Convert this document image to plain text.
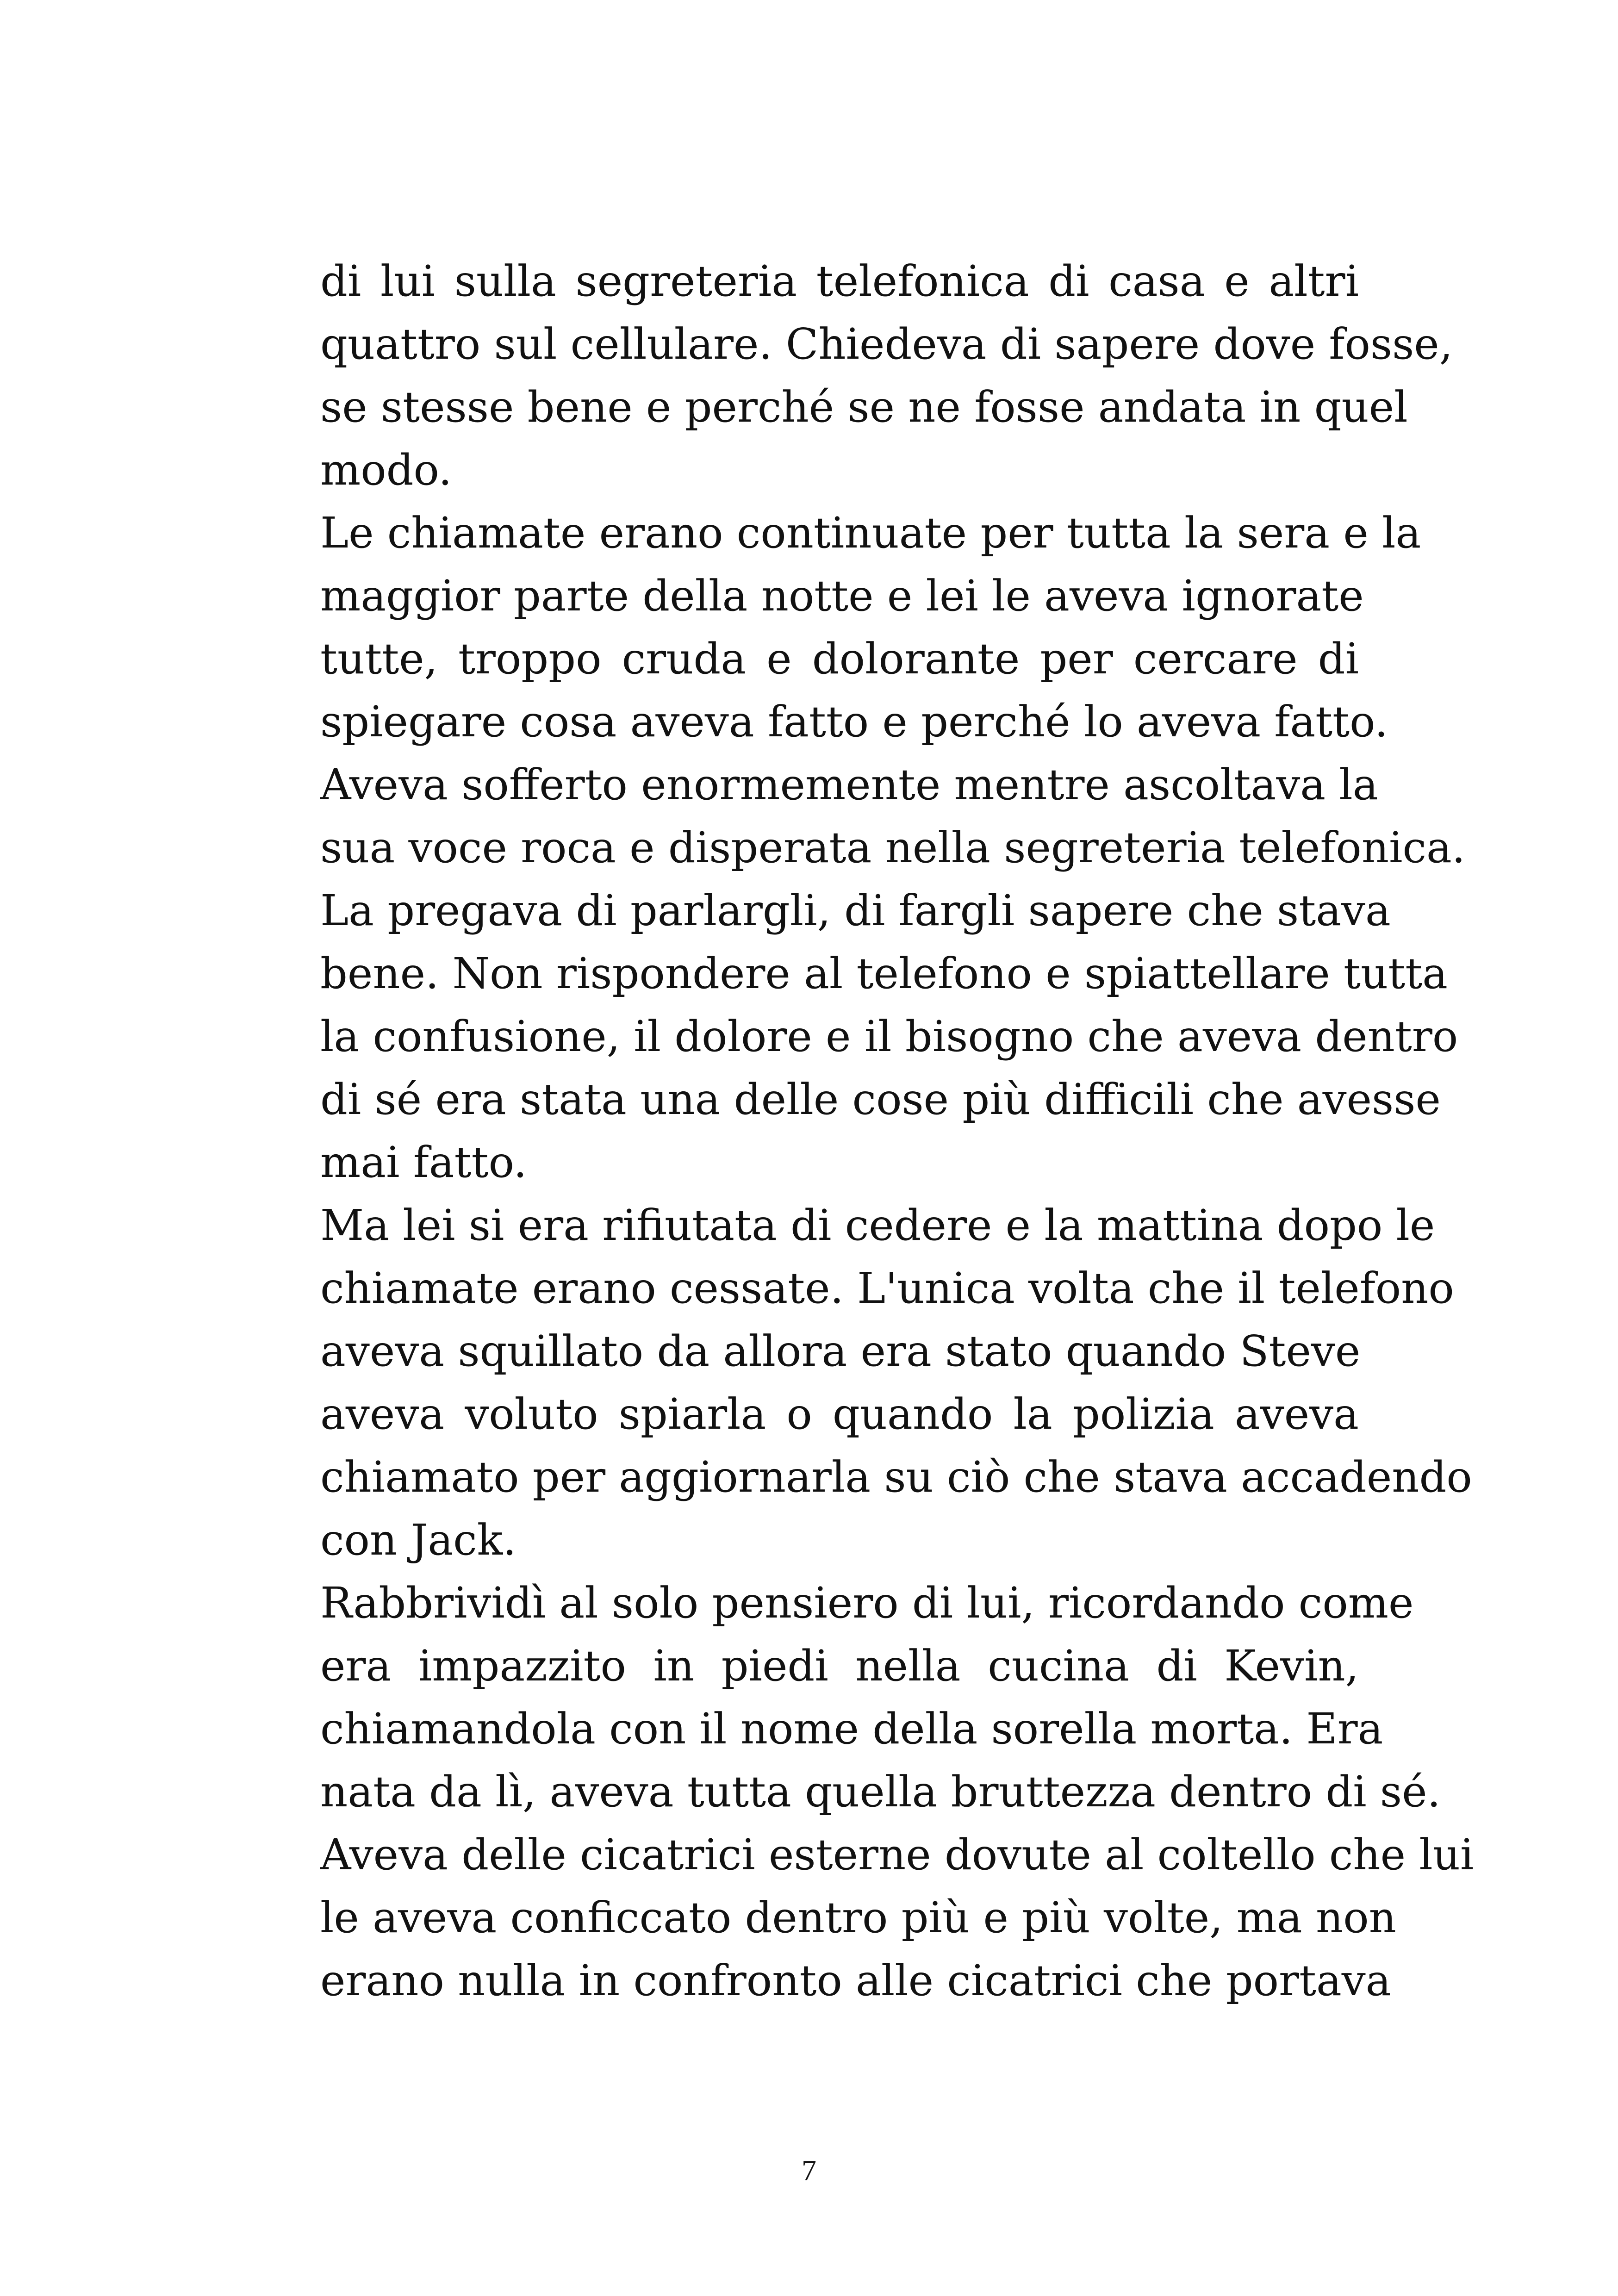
di lui sulla segreteria telefonica di casa e altri
quattro sul cellulare. Chiedeva di sapere dove fosse,
se stesse bene e perché se ne fosse andata in quel
modo.
Le chiamate erano continuate per tutta la sera e la
maggior parte della notte e lei le aveva ignorate
tutte, troppo cruda e dolorante per cercare di
spiegare cosa aveva fatto e perché lo aveva fatto.
Aveva sofferto enormemente mentre ascoltava la
sua voce roca e disperata nella segreteria telefonica.
La pregava di parlargli, di fargli sapere che stava
bene. Non rispondere al telefono e spiattellare tutta
la confusione, il dolore e il bisogno che aveva dentro
di sé era stata una delle cose più difficili che avesse
mai fatto.
Ma lei si era rifiutata di cedere e la mattina dopo le
chiamate erano cessate. L'unica volta che il telefono
aveva squillato da allora era stato quando Steve
aveva voluto spiarla o quando la polizia aveva
chiamato per aggiornarla su ciò che stava accadendo
con Jack.
Rabbrividì al solo pensiero di lui, ricordando come
era impazzito in piedi nella cucina di Kevin,
chiamandola con il nome della sorella morta. Era
nata da lì, aveva tutta quella bruttezza dentro di sé.
Aveva delle cicatrici esterne dovute al coltello che lui
le aveva conficcato dentro più e più volte, ma non
erano nulla in confronto alle cicatrici che portava
7
